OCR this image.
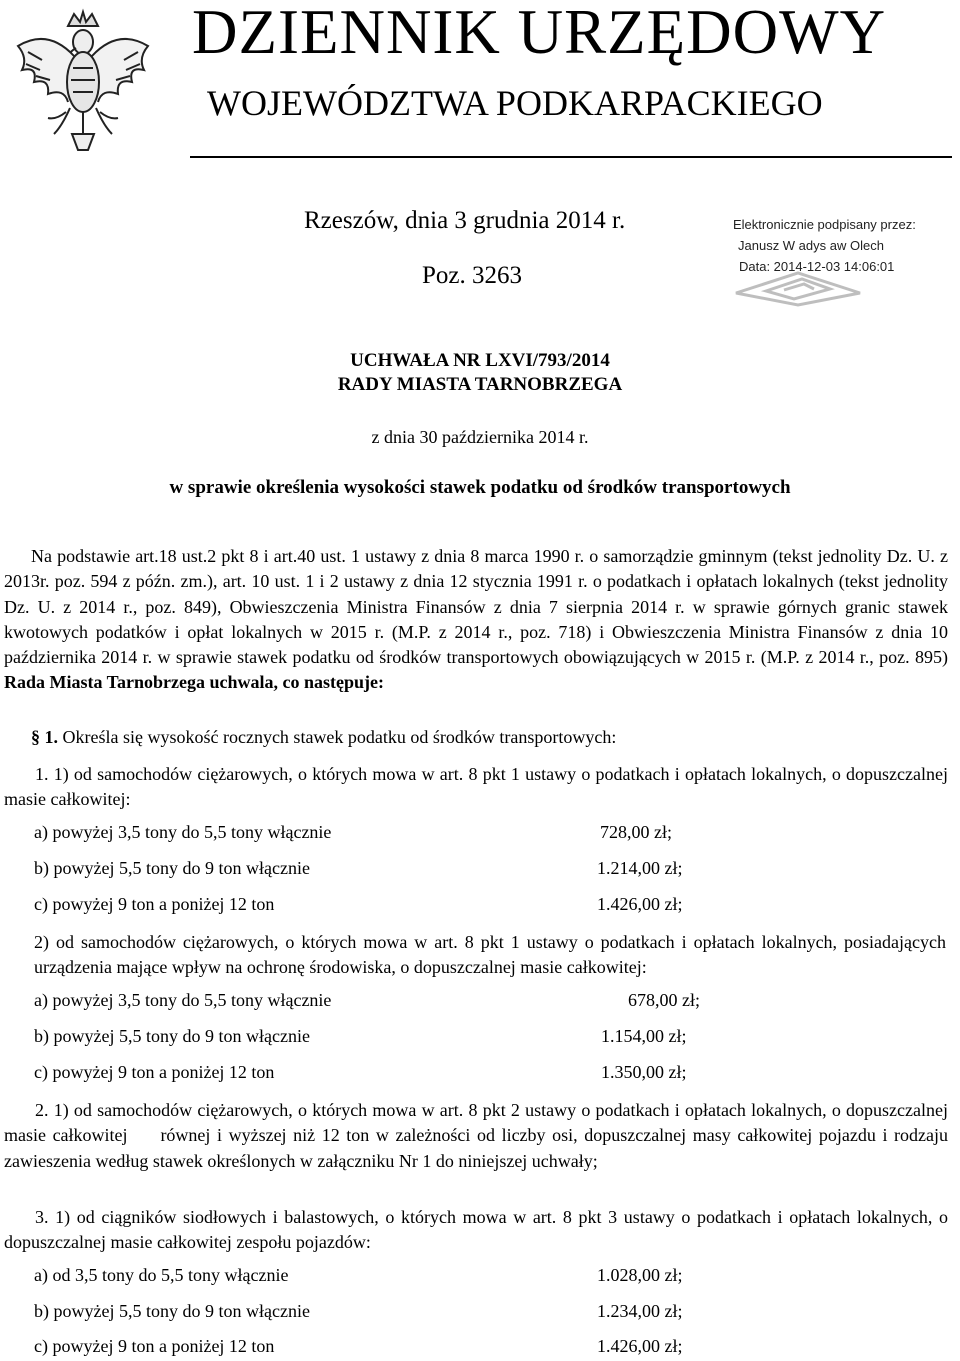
DZIENNIK URZĘDOWY
WOJEWÓDZTWA PODKARPACKIEGO
Rzeszów, dnia 3 grudnia 2014 r.
Poz. 3263
Elektronicznie podpisany przez:
Janusz W adys aw Olech
Data: 2014-12-03 14:06:01
UCHWAŁA NR LXVI/793/2014
RADY MIASTA TARNOBRZEGA
z dnia 30 października 2014 r.
w sprawie określenia wysokości stawek podatku od środków transportowych
Na podstawie art.18 ust.2 pkt 8 i art.40 ust. 1 ustawy z dnia 8 marca 1990 r. o samorządzie gminnym (tekst jednolity Dz. U. z 2013r. poz. 594 z późn. zm.), art. 10 ust. 1 i 2 ustawy z dnia 12 stycznia 1991 r. o podatkach i opłatach lokalnych (tekst jednolity Dz. U. z 2014 r., poz. 849), Obwieszczenia Ministra Finansów z dnia 7 sierpnia 2014 r. w sprawie górnych granic stawek kwotowych podatków i opłat lokalnych w 2015 r. (M.P. z 2014 r., poz. 718) i Obwieszczenia Ministra Finansów z dnia 10 października 2014 r. w sprawie stawek podatku od środków transportowych obowiązujących w 2015 r. (M.P. z 2014 r., poz. 895) Rada Miasta Tarnobrzega uchwala, co następuje:
§ 1. Określa się wysokość rocznych stawek podatku od środków transportowych:
1. 1) od samochodów ciężarowych, o których mowa w art. 8 pkt 1 ustawy o podatkach i opłatach lokalnych, o dopuszczalnej masie całkowitej:
a) powyżej 3,5 tony do 5,5 tony włącznie	728,00 zł;
b) powyżej 5,5 tony do 9 ton włącznie	1.214,00 zł;
c) powyżej 9 ton a poniżej 12 ton	1.426,00 zł;
2) od samochodów ciężarowych, o których mowa w art. 8 pkt 1 ustawy o podatkach i opłatach lokalnych, posiadających urządzenia mające wpływ na ochronę środowiska, o dopuszczalnej masie całkowitej:
a) powyżej 3,5 tony do 5,5 tony włącznie	678,00 zł;
b) powyżej 5,5 tony do 9 ton włącznie	1.154,00 zł;
c) powyżej 9 ton a poniżej 12 ton	1.350,00 zł;
2. 1) od samochodów ciężarowych, o których mowa w art. 8 pkt 2 ustawy o podatkach i opłatach lokalnych, o dopuszczalnej masie całkowitej     równej i wyższej niż 12 ton w zależności od liczby osi, dopuszczalnej masy całkowitej pojazdu i rodzaju zawieszenia według stawek określonych w załączniku Nr 1 do niniejszej uchwały;
3. 1) od ciągników siodłowych i balastowych, o których mowa w art. 8 pkt 3 ustawy o podatkach i opłatach lokalnych, o dopuszczalnej masie całkowitej zespołu pojazdów:
a) od 3,5 tony do 5,5 tony włącznie	1.028,00 zł;
b) powyżej 5,5 tony do 9 ton włącznie	1.234,00 zł;
c) powyżej 9 ton a poniżej 12 ton	1.426,00 zł;
